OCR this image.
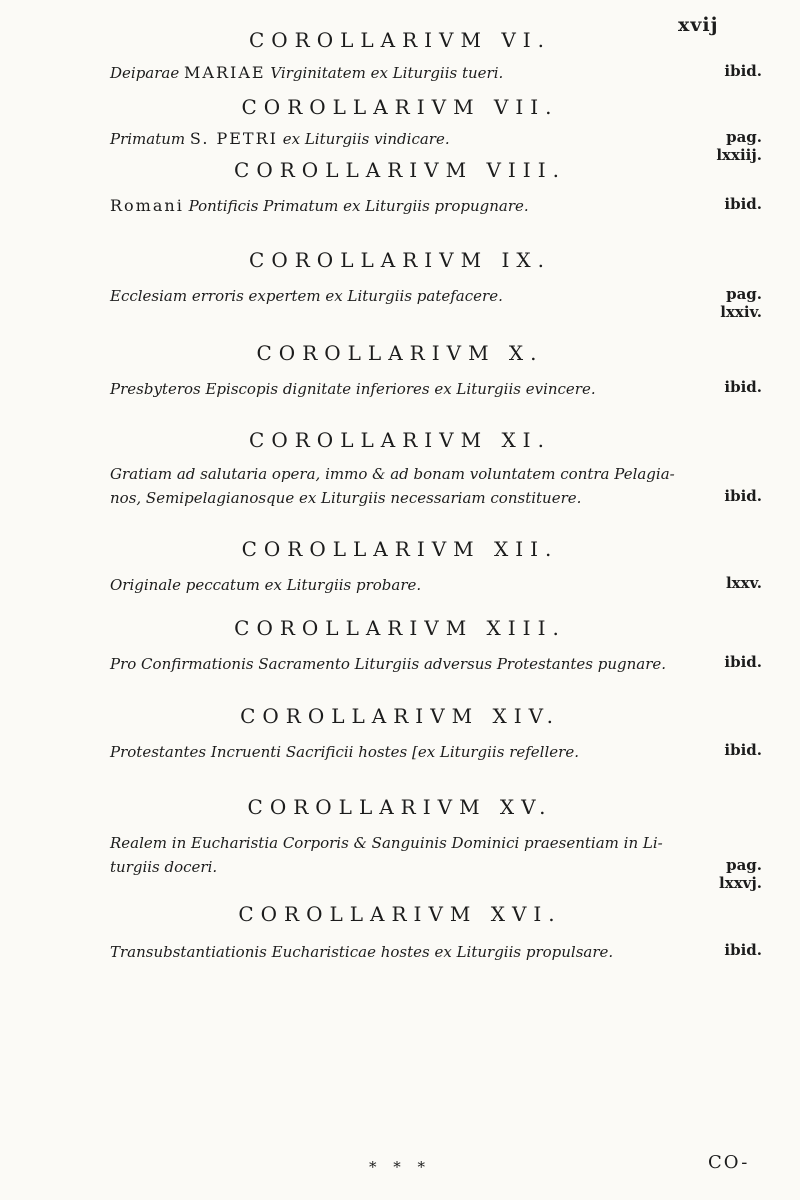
xvij
COROLLARIVM VI.
Deiparae MARIAE Virginitatem ex Liturgiis tueri.	ibid.
COROLLARIVM VII.
Primatum S. PETRI ex Liturgiis vindicare.	pag. lxxiij.
COROLLARIVM VIII.
Romani Pontificis Primatum ex Liturgiis propugnare.	ibid.
COROLLARIVM IX.
Ecclesiam erroris expertem ex Liturgiis patefacere.	pag. lxxiv.
COROLLARIVM X.
Presbyteros Episcopis dignitate inferiores ex Liturgiis evincere.	ibid.
COROLLARIVM XI.
Gratiam ad salutaria opera, immo & ad bonam voluntatem contra Pelagia-
nos, Semipelagianosque ex Liturgiis necessariam constituere.	ibid.
COROLLARIVM XII.
Originale peccatum ex Liturgiis probare.	lxxv.
COROLLARIVM XIII.
Pro Confirmationis Sacramento Liturgiis adversus Protestantes pugnare.	ibid.
COROLLARIVM XIV.
Protestantes Incruenti Sacrificii hostes [ex Liturgiis refellere.	ibid.
COROLLARIVM XV.
Realem in Eucharistia Corporis & Sanguinis Dominici praesentiam in Li-
turgiis doceri.	pag. lxxvj.
COROLLARIVM XVI.
Transubstantiationis Eucharisticae hostes ex Liturgiis propulsare.	ibid.
* * *	CO-
